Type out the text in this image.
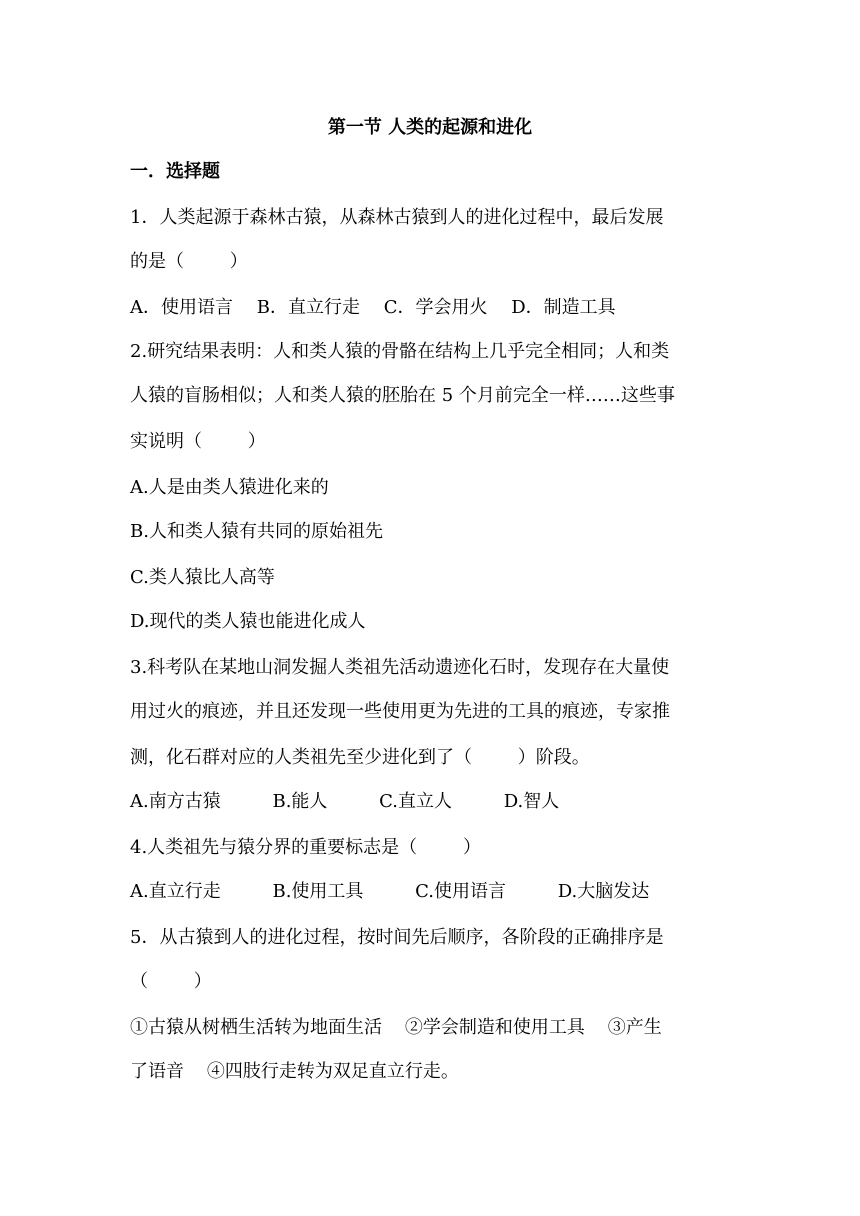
第一节 人类的起源和进化
一．选择题
1．人类起源于森林古猿，从森林古猿到人的进化过程中，最后发展
的是（        ）
A．使用语言 B．直立行走 C．学会用火 D．制造工具
2.研究结果表明：人和类人猿的骨骼在结构上几乎完全相同；人和类
人猿的盲肠相似；人和类人猿的胚胎在 5 个月前完全一样……这些事
实说明（        ）
A.人是由类人猿进化来的
B.人和类人猿有共同的原始祖先
C.类人猿比人高等
D.现代的类人猿也能进化成人
3.科考队在某地山洞发掘人类祖先活动遗迹化石时，发现存在大量使
用过火的痕迹，并且还发现一些使用更为先进的工具的痕迹，专家推
测，化石群对应的人类祖先至少进化到了（        ）阶段。
A.南方古猿	B.能人	C.直立人	D.智人
4.人类祖先与猿分界的重要标志是（        ）
A.直立行走	B.使用工具	C.使用语言	D.大脑发达
5．从古猿到人的进化过程，按时间先后顺序，各阶段的正确排序是
（        ）
①古猿从树栖生活转为地面生活    ②学会制造和使用工具    ③产生
了语音    ④四肢行走转为双足直立行走。
